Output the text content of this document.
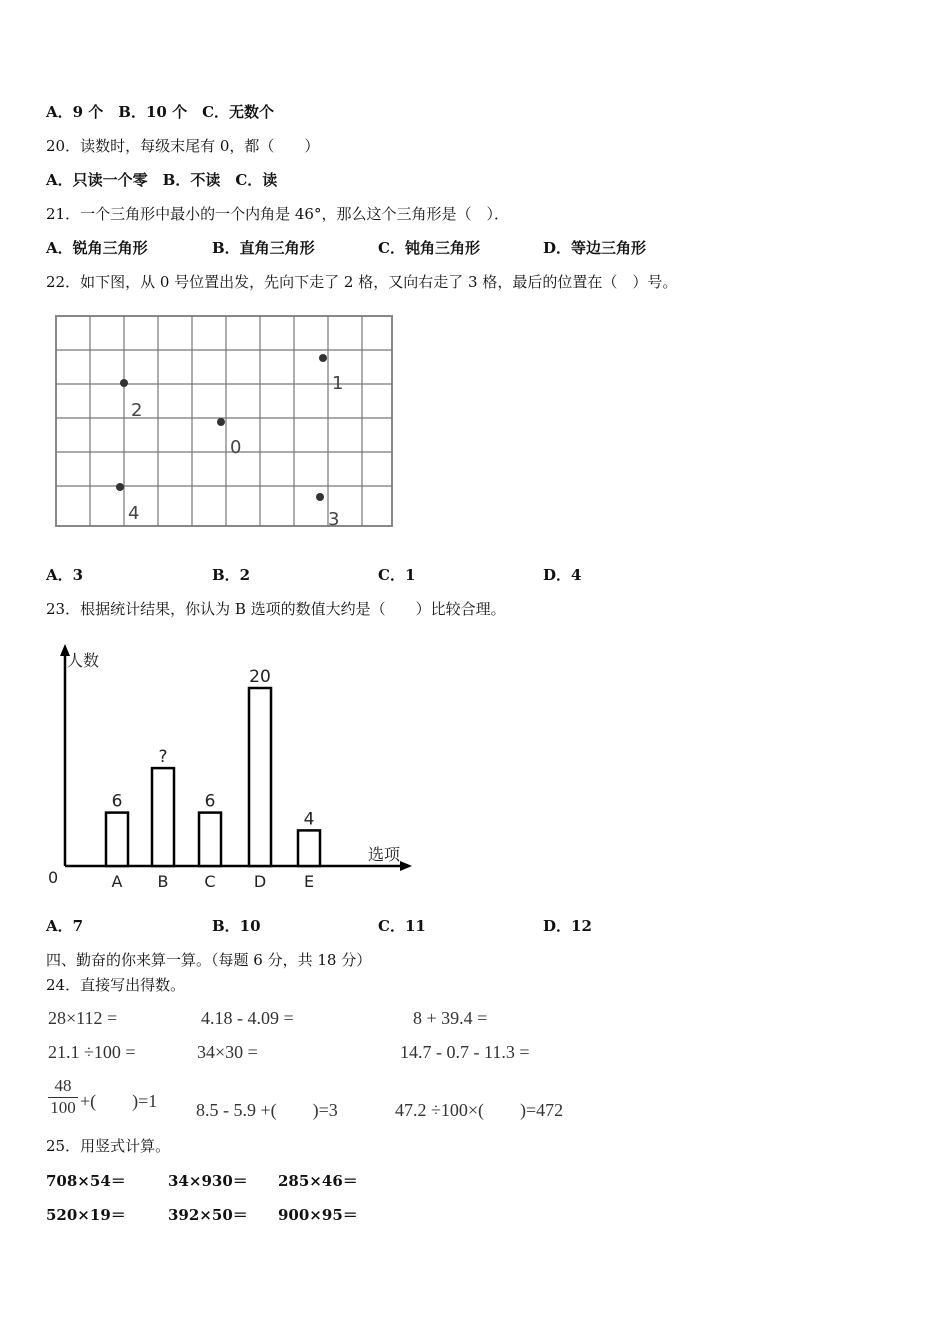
A．9 个　B．10 个　C．无数个
20．读数时，每级末尾有 0，都（　　）
A．只读一个零　B．不读　C．读
21．一个三角形中最小的一个内角是 46°，那么这个三角形是（　）．
A．锐角三角形	B．直角三角形	C．钝角三角形	D．等边三角形
22．如下图，从 0 号位置出发，先向下走了 2 格，又向右走了 3 格，最后的位置在（　）号。
1
2
0
4	3
A．3	B．2	C．1	D．4
23．根据统计结果，你认为 B 选项的数值大约是（　　）比较合理。
人数
选项
0
6
A
?
B
6
C
20
D
4
E
A．7	B．10	C．11	D．12
四、勤奋的你来算一算。（每题 6 分，共 18 分）
24．直接写出得数。
28×112 =	4.18 - 4.09 =	8 + 39.4 =
21.1 ÷100 =	34×30 =	14.7 - 0.7 - 11.3 =
$\frac{48}{100}$ +(　　)=1 8.5 - 5.9 +(　　)=3	47.2 ÷100×(　　)=472
25．用竖式计算。
708×54＝	34×930＝ 285×46＝
520×19＝	392×50＝ 900×95＝
